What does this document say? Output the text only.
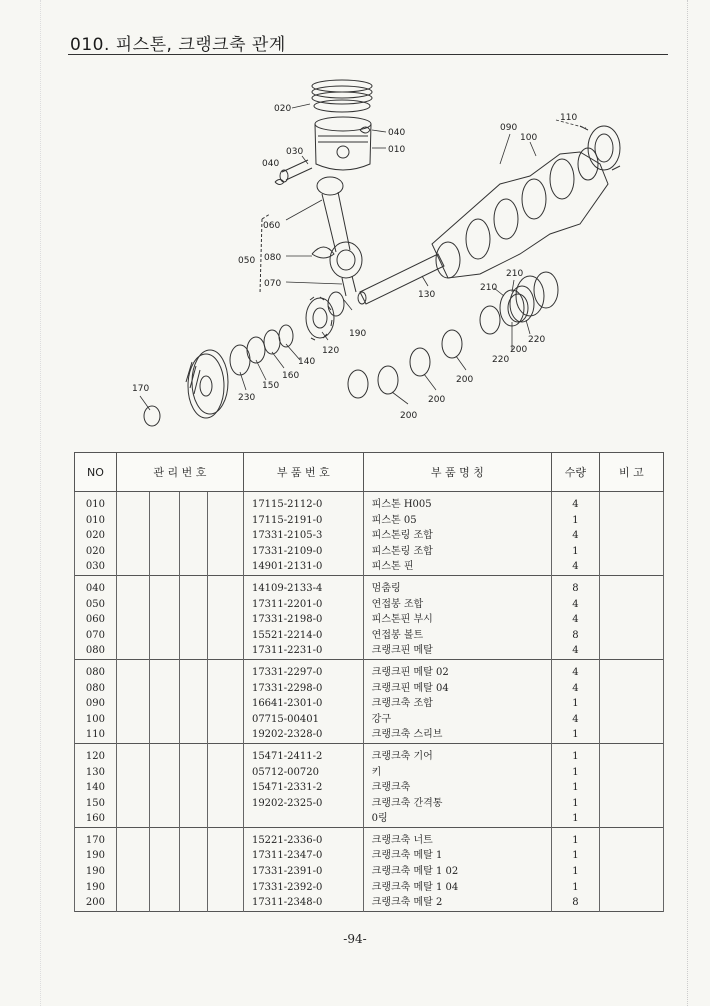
010. 피스톤, 크랭크축 관계
020
040
010
030
040
060
050 080
070
190
120
140
160
150
230
170
130
090
100
110
210
210
220
200
220
200
200
200
NO	관 리 번 호				부 품 번 호	부 품 명 칭	수량	비 고

010					17115-2112-0	피스톤 H005	4	
010					17115-2191-0	피스톤 05	1	
020					17331-2105-3	피스톤링 조합	4	
020					17331-2109-0	피스톤링 조합	1	
030					14901-2131-0	피스톤 핀	4	

040					14109-2133-4	멈춤링	8	
050					17311-2201-0	연접봉 조합	4	
060					17331-2198-0	피스톤핀 부시	4	
070					15521-2214-0	연접봉 볼트	8	
080					17311-2231-0	크랭크핀 메탈	4	

080					17331-2297-0	크랭크핀 메탈 02	4	
080					17331-2298-0	크랭크핀 메탈 04	4	
090					16641-2301-0	크랭크축 조합	1	
100					07715-00401	강구	4	
110					19202-2328-0	크랭크축 스리브	1	

120					15471-2411-2	크랭크축 기어	1	
130					05712-00720	키	1	
140					15471-2331-2	크랭크축	1	
150					19202-2325-0	크랭크축 간격통	1	
160						0링	1	

170					15221-2336-0	크랭크축 너트	1	
190					17311-2347-0	크랭크축 메탈 1	1	
190					17331-2391-0	크랭크축 메탈 1 02	1	
190					17331-2392-0	크랭크축 메탈 1 04	1	
200					17311-2348-0	크랭크축 메탈 2	8	
-94-
